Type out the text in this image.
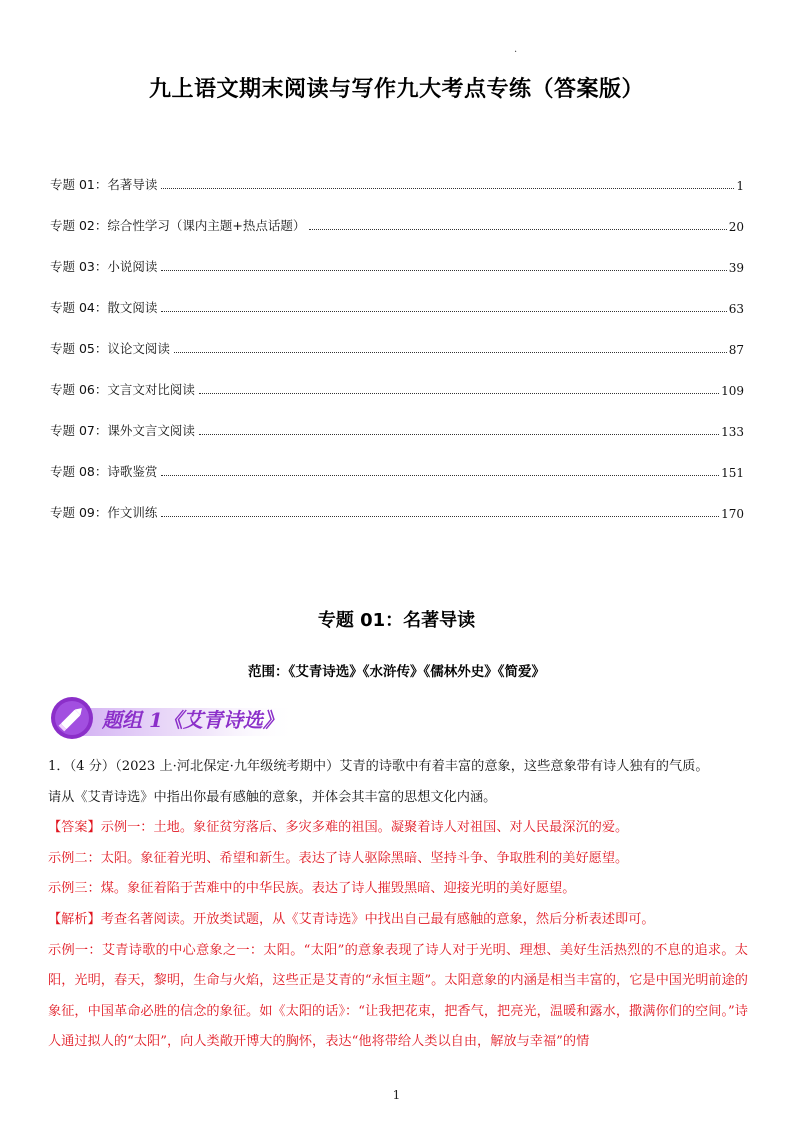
.
九上语文期末阅读与写作九大考点专练（答案版）
专题 01：名著导读	1
专题 02：综合性学习（课内主题+热点话题）	20
专题 03：小说阅读	39
专题 04：散文阅读	63
专题 05：议论文阅读	87
专题 06：文言文对比阅读	109
专题 07：课外文言文阅读	133
专题 08：诗歌鉴赏	151
专题 09：作文训练	170
专题 01：名著导读
范围：《艾青诗选》《水浒传》《儒林外史》《简爱》
题组 1《艾青诗选》

1．（4 分）（2023 上·河北保定·九年级统考期中）艾青的诗歌中有着丰富的意象，这些意象带有诗人独有的气质。

请从《艾青诗选》中指出你最有感触的意象，并体会其丰富的思想文化内涵。

【答案】示例一：土地。象征贫穷落后、多灾多难的祖国。凝聚着诗人对祖国、对人民最深沉的爱。

示例二：太阳。象征着光明、希望和新生。表达了诗人驱除黑暗、坚持斗争、争取胜利的美好愿望。

示例三：煤。象征着陷于苦难中的中华民族。表达了诗人摧毁黑暗、迎接光明的美好愿望。

【解析】考查名著阅读。开放类试题，从《艾青诗选》中找出自己最有感触的意象，然后分析表述即可。

示例一：艾青诗歌的中心意象之一：太阳。“太阳”的意象表现了诗人对于光明、理想、美好生活热烈的不息的追求。太阳，光明，春天，黎明，生命与火焰，这些正是艾青的“永恒主题”。太阳意象的内涵是相当丰富的，它是中国光明前途的象征，中国革命必胜的信念的象征。如《太阳的话》：“让我把花束，把香气，把亮光，温暖和露水，撒满你们的空间。”诗人通过拟人的“太阳”，向人类敞开博大的胸怀，表达“他将带给人类以自由，解放与幸福”的情

1
